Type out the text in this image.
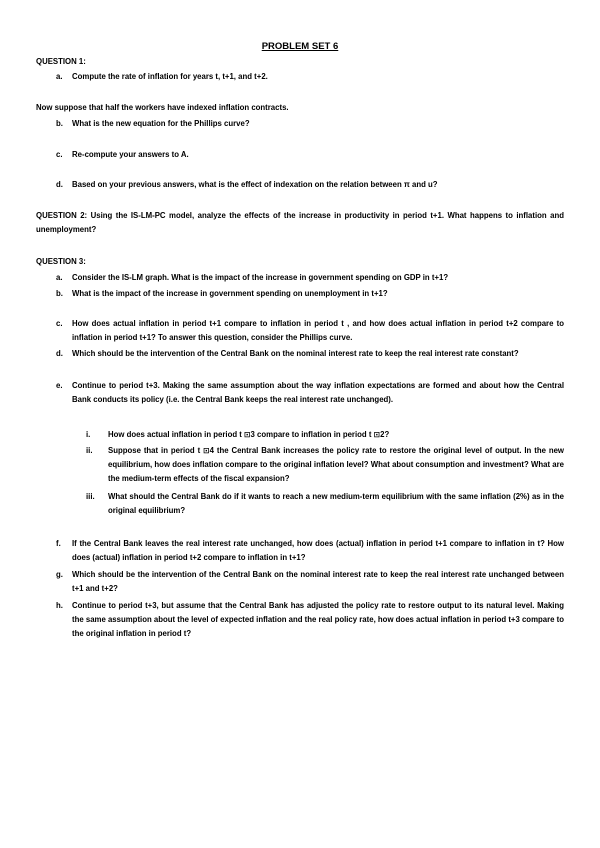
PROBLEM SET 6
QUESTION 1:
a.	Compute the rate of inflation for years t, t+1, and t+2.
Now suppose that half the workers have indexed inflation contracts.
b.	What is the new equation for the Phillips curve?
c.	Re-compute your answers to A.
d.	Based on your previous answers, what is the effect of indexation on the relation between π and u?
QUESTION 2: Using the IS-LM-PC model, analyze the effects of the increase in productivity in period t+1. What happens to inflation and unemployment?
QUESTION 3:
a.	Consider the IS-LM graph. What is the impact of the increase in government spending on GDP in t+1?
b.	What is the impact of the increase in government spending on unemployment in t+1?
c.	How does actual inflation in period t+1 compare to inflation in period t , and how does actual inflation in period t+2 compare to inflation in period t+1? To answer this question, consider the Phillips curve.
d.	Which should be the intervention of the Central Bank on the nominal interest rate to keep the real interest rate constant?
e.	Continue to period t+3. Making the same assumption about the way inflation expectations are formed and about how the Central Bank conducts its policy (i.e. the Central Bank keeps the real interest rate unchanged).
i.	How does actual inflation in period t ⊡3 compare to inflation in period t ⊡2?
ii.	Suppose that in period t ⊡4 the Central Bank increases the policy rate to restore the original level of output. In the new equilibrium, how does inflation compare to the original inflation level? What about consumption and investment? What are the medium-term effects of the fiscal expansion?
iii.	What should the Central Bank do if it wants to reach a new medium-term equilibrium with the same inflation (2%) as in the original equilibrium?
f.	If the Central Bank leaves the real interest rate unchanged, how does (actual) inflation in period t+1 compare to inflation in t? How does (actual) inflation in period t+2 compare to inflation in t+1?
g.	Which should be the intervention of the Central Bank on the nominal interest rate to keep the real interest rate unchanged between t+1 and t+2?
h.	Continue to period t+3, but assume that the Central Bank has adjusted the policy rate to restore output to its natural level. Making the same assumption about the level of expected inflation and the real policy rate, how does actual inflation in period t+3 compare to the original inflation in period t?
